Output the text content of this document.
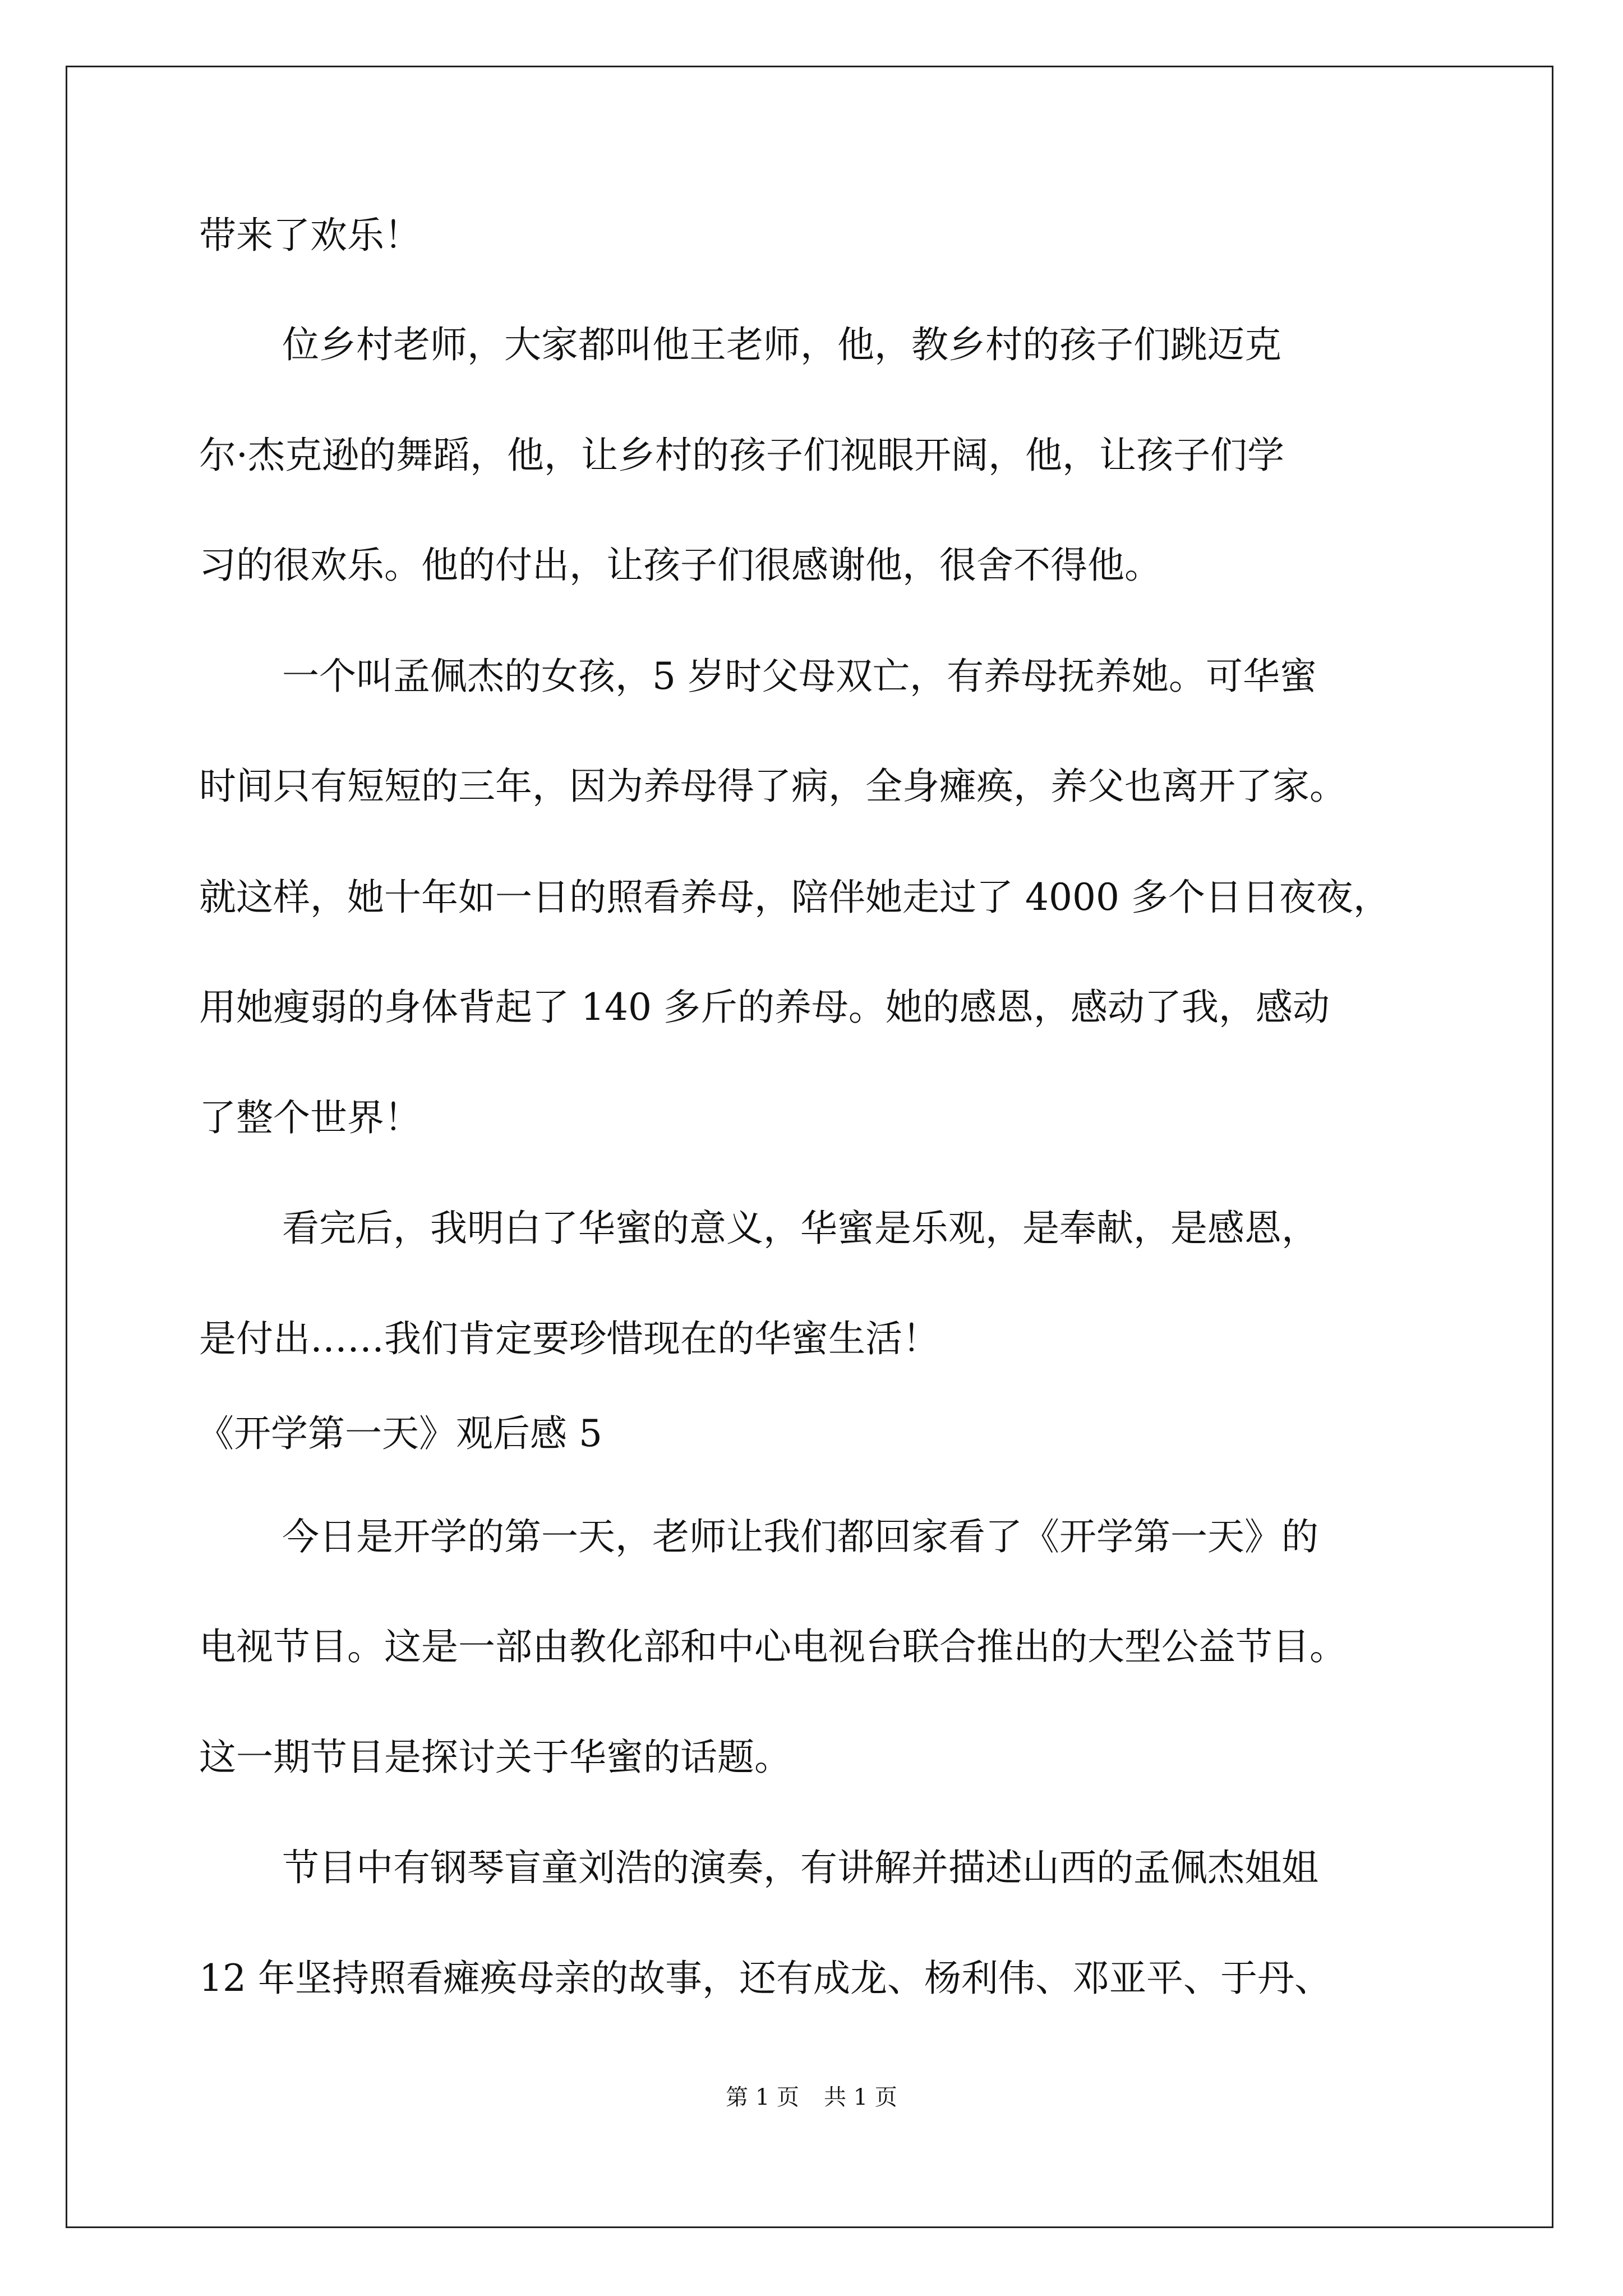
带来了欢乐！
位乡村老师，大家都叫他王老师，他，教乡村的孩子们跳迈克
尔·杰克逊的舞蹈，他，让乡村的孩子们视眼开阔，他，让孩子们学
习的很欢乐。他的付出，让孩子们很感谢他，很舍不得他。
一个叫孟佩杰的女孩，5 岁时父母双亡，有养母抚养她。可华蜜
时间只有短短的三年，因为养母得了病，全身瘫痪，养父也离开了家。
就这样，她十年如一日的照看养母，陪伴她走过了 4000 多个日日夜夜，
用她瘦弱的身体背起了 140 多斤的养母。她的感恩，感动了我，感动
了整个世界！
看完后，我明白了华蜜的意义，华蜜是乐观，是奉献，是感恩，
是付出……我们肯定要珍惜现在的华蜜生活！
《开学第一天》观后感 5
今日是开学的第一天，老师让我们都回家看了《开学第一天》的
电视节目。这是一部由教化部和中心电视台联合推出的大型公益节目。
这一期节目是探讨关于华蜜的话题。
节目中有钢琴盲童刘浩的演奏，有讲解并描述山西的孟佩杰姐姐
12 年坚持照看瘫痪母亲的故事，还有成龙、杨利伟、邓亚平、于丹、
第 1 页 共 1 页
